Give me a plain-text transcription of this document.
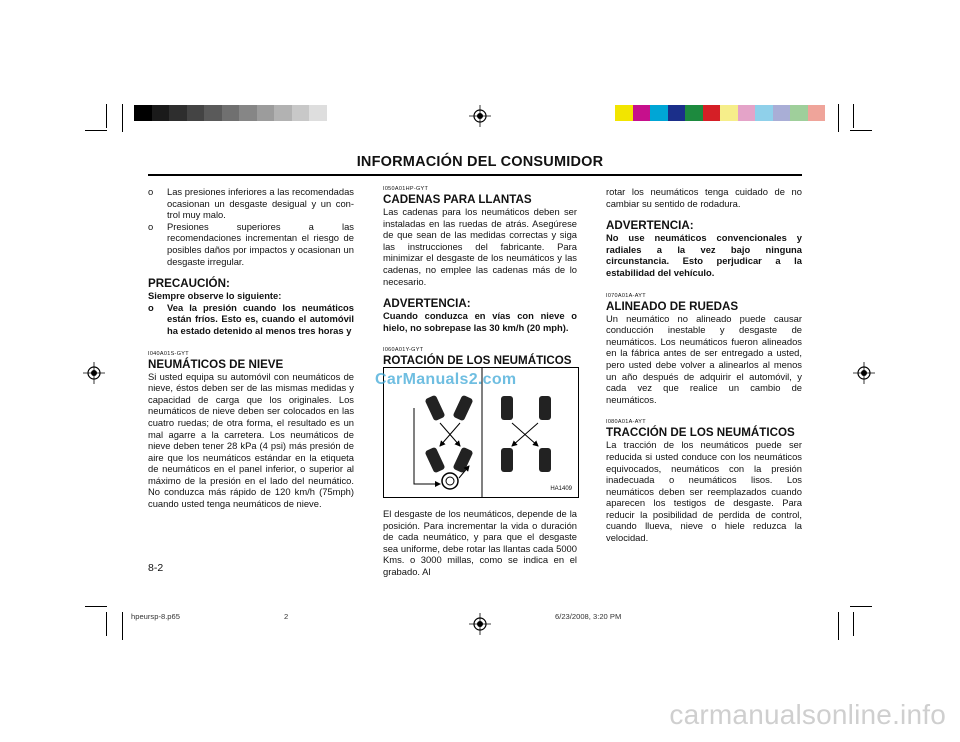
INFORMACIÓN DEL CONSUMIDOR
o Las presiones inferiores a las recomendadas ocasionan un desgaste desigual y un con- trol muy malo.
o Presiones superiores a las recomendaciones incrementan el riesgo de posibles daños por impactos y ocasionan un desgaste irregular.

PRECAUCIÓN:

Siempre observe lo siguiente:

o Vea la presión cuando los neumáticos están fríos. Esto es, cuando el automóvil ha estado detenido al menos tres horas y

I040A01S-GYT

NEUMÁTICOS DE NIEVE

Si usted equipa su automóvil con neumáticos de nieve, éstos deben ser de las mismas medidas y capacidad de carga que los originales. Los neumáticos de nieve deben ser colocados en las cuatro ruedas; de otra forma, el resultado es un mal agarre a la carretera. Los neumáticos de nieve deben tener 28 kPa (4 psi) más presión de aire que los neumáticos estándar en la etiqueta de neumáticos en el panel inferior, o superior al máximo de la presión en el lado del neumático. No conduzca más rápido de 120 km/h (75mph) cuando usted tenga neumáticos de nieve.

I050A01HP-GYT

CADENAS PARA LLANTAS

Las cadenas para los neumáticos deben ser instaladas en las ruedas de atrás. Asegúrese de que sean de las medidas correctas y siga las instrucciones del fabricante. Para minimizar el desgaste de los neumáticos y las cadenas, no emplee las cadenas más de lo necesario.

ADVERTENCIA:

Cuando conduzca en vías con nieve o hielo, no sobrepase las 30 km/h (20 mph).

I060A01Y-GYT

ROTACIÓN DE LOS NEUMÁTICOS

HA1409
CarManuals2.com

El desgaste de los neumáticos, depende de la posición. Para incrementar la vida o duración de cada neumático, y para que el desgaste sea uniforme, debe rotar las llantas cada 5000 Kms. o 3000 millas, como se indica en el grabado. Al

rotar los neumáticos tenga cuidado de no cambiar su sentido de rodadura.

ADVERTENCIA:

No use neumáticos convencionales y radiales a la vez bajo ninguna circunstancia. Esto perjudicar a la estabilidad del vehículo.

I070A01A-AYT

ALINEADO DE RUEDAS

Un neumático no alineado puede causar conducción inestable y desgaste de neumáticos. Los neumáticos fueron alineados en la fábrica antes de ser entregado a usted, pero usted debe volver a alinearlos al menos un año después de adquirir el automóvil, y cada vez que realice un cambio de neumáticos.

I080A01A-AYT

TRACCIÓN DE LOS NEUMÁTICOS

La tracción de los neumáticos puede ser reducida si usted conduce con los neumáticos equivocados, neumáticos con la presión inadecuada o neumáticos lisos. Los neumáticos deben ser reemplazados cuando aparecen los testigos de desgaste. Para reducir la posibilidad de perdida de control, cuando llueva, nieve o hiele reduzca la velocidad.

8-2
hpeursp-8.p65	2	6/23/2008, 3:20 PM
carmanualsonline.info
